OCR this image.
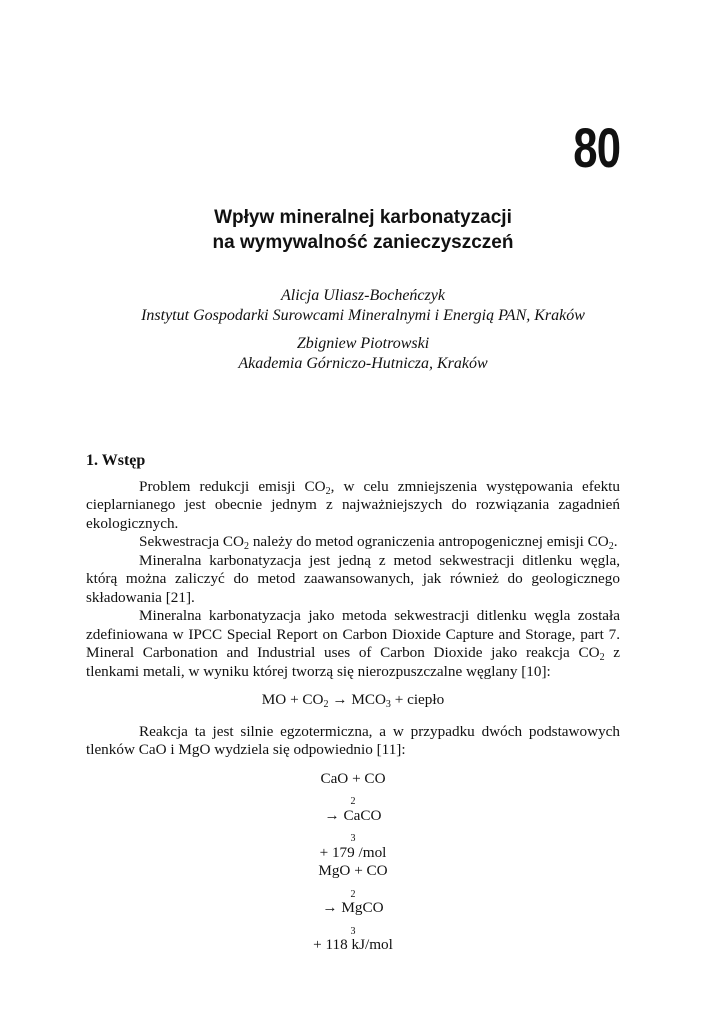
80
Wpływ mineralnej karbonatyzacji
na wymywalność zanieczyszczeń
Alicja Uliasz-Bocheńczyk
Instytut Gospodarki Surowcami Mineralnymi i Energią PAN, Kraków
Zbigniew Piotrowski
Akademia Górniczo-Hutnicza, Kraków
1. Wstęp

Problem redukcji emisji $CO_2$, w celu zmniejszenia występowania efektu cieplarnianego jest obecnie jednym z najważniejszych do rozwiązania zagadnień ekologicznych.

Sekwestracja $CO_2$ należy do metod ograniczenia antropogenicznej emisji $CO_2$.

Mineralna karbonatyzacja jest jedną z metod sekwestracji ditlenku węgla, którą można zaliczyć do metod zaawansowanych, jak również do geologicznego składowania [21].

Mineralna karbonatyzacja jako metoda sekwestracji ditlenku węgla została zdefiniowana w IPCC Special Report on Carbon Dioxide Capture and Storage, part 7. Mineral Carbonation and Industrial uses of Carbon Dioxide jako reakcja $CO_2$ z tlenkami metali, w wyniku której tworzą się nierozpuszczalne węglany [10]:

MO + $CO_2 \to MCO_3$ + ciepło

Reakcja ta jest silnie egzotermiczna, a w przypadku dwóch podstawowych tlenków CaO i MgO wydziela się odpowiednio [11]:

CaO + CO
$_2$
→ CaCO
$_3$
+ 179 /mol
MgO + CO
$_2$
→ MgCO
$_3$
+ 118 kJ/mol
